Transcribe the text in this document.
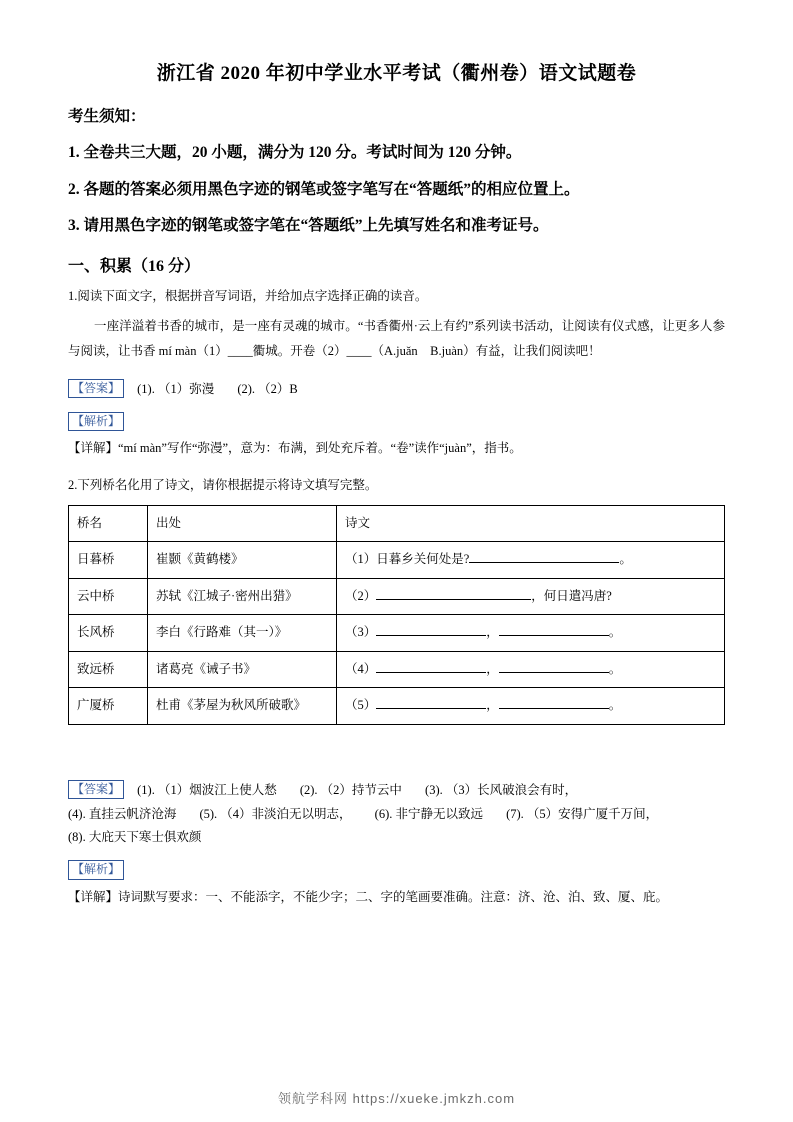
浙江省 2020 年初中学业水平考试（衢州卷）语文试题卷
考生须知：
1. 全卷共三大题，20 小题，满分为 120 分。考试时间为 120 分钟。
2. 各题的答案必须用黑色字迹的钢笔或签字笔写在“答题纸”的相应位置上。
3. 请用黑色字迹的钢笔或签字笔在“答题纸”上先填写姓名和准考证号。
一、积累（16 分）
1.阅读下面文字，根据拼音写词语，并给加点字选择正确的读音。
一座洋溢着书香的城市，是一座有灵魂的城市。“书香衢州·云上有约”系列读书活动，让阅读有仪式感，让更多人参与阅读，让书香 mí màn（1）____衢城。开卷（2）____（A.juǎn　B.juàn）有益，让我们阅读吧！
【答案】 (1). （1）弥漫 (2). （2）B
【解析】
【详解】“mí màn”写作“弥漫”，意为：布满，到处充斥着。“卷”读作“juàn”，指书。
2.下列桥名化用了诗文，请你根据提示将诗文填写完整。
桥名	出处	诗文
日暮桥	崔颢《黄鹤楼》	（1）日暮乡关何处是? 。
云中桥	苏轼《江城子·密州出猎》	（2） ，何日遣冯唐?
长风桥	李白《行路难（其一）》	（3） ， 。
致远桥	诸葛亮《诫子书》	（4） ， 。
广厦桥	杜甫《茅屋为秋风所破歌》	（5） ， 。
【答案】 (1). （1）烟波江上使人愁 (2). （2）持节云中 (3). （3）长风破浪会有时， (4). 直挂云帆济沧海 (5). （4）非淡泊无以明志， (6). 非宁静无以致远 (7). （5）安得广厦千万间， (8). 大庇天下寒士俱欢颜
【解析】
【详解】诗词默写要求：一、不能添字，不能少字；二、字的笔画要准确。注意：济、沧、泊、致、厦、庇。
领航学科网 https://xueke.jmkzh.com
